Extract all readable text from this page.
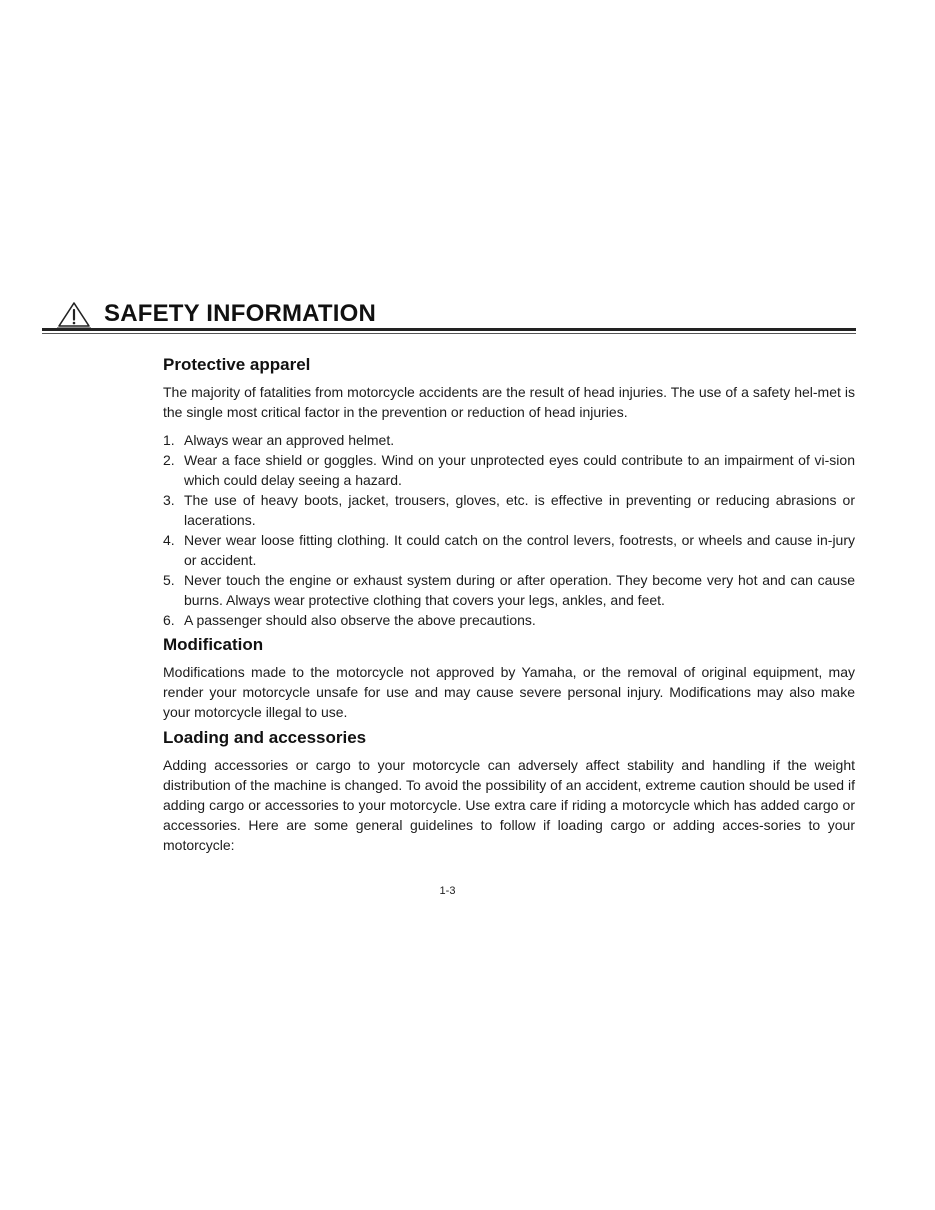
SAFETY INFORMATION
Protective apparel

The majority of fatalities from motorcycle accidents are the result of head injuries. The use of a safety hel-met is the single most critical factor in the prevention or reduction of head injuries.

1. Always wear an approved helmet.
2. Wear a face shield or goggles. Wind on your unprotected eyes could contribute to an impairment of vi-sion which could delay seeing a hazard.
3. The use of heavy boots, jacket, trousers, gloves, etc. is effective in preventing or reducing abrasions or lacerations.
4. Never wear loose fitting clothing. It could catch on the control levers, footrests, or wheels and cause in-jury or accident.
5. Never touch the engine or exhaust system during or after operation. They become very hot and can cause burns. Always wear protective clothing that covers your legs, ankles, and feet.
6. A passenger should also observe the above precautions.
Modification

Modifications made to the motorcycle not approved by Yamaha, or the removal of original equipment, may render your motorcycle unsafe for use and may cause severe personal injury. Modifications may also make your motorcycle illegal to use.

Loading and accessories

Adding accessories or cargo to your motorcycle can adversely affect stability and handling if the weight distribution of the machine is changed. To avoid the possibility of an accident, extreme caution should be used if adding cargo or accessories to your motorcycle. Use extra care if riding a motorcycle which has added cargo or accessories. Here are some general guidelines to follow if loading cargo or adding acces-sories to your motorcycle:

1-3
